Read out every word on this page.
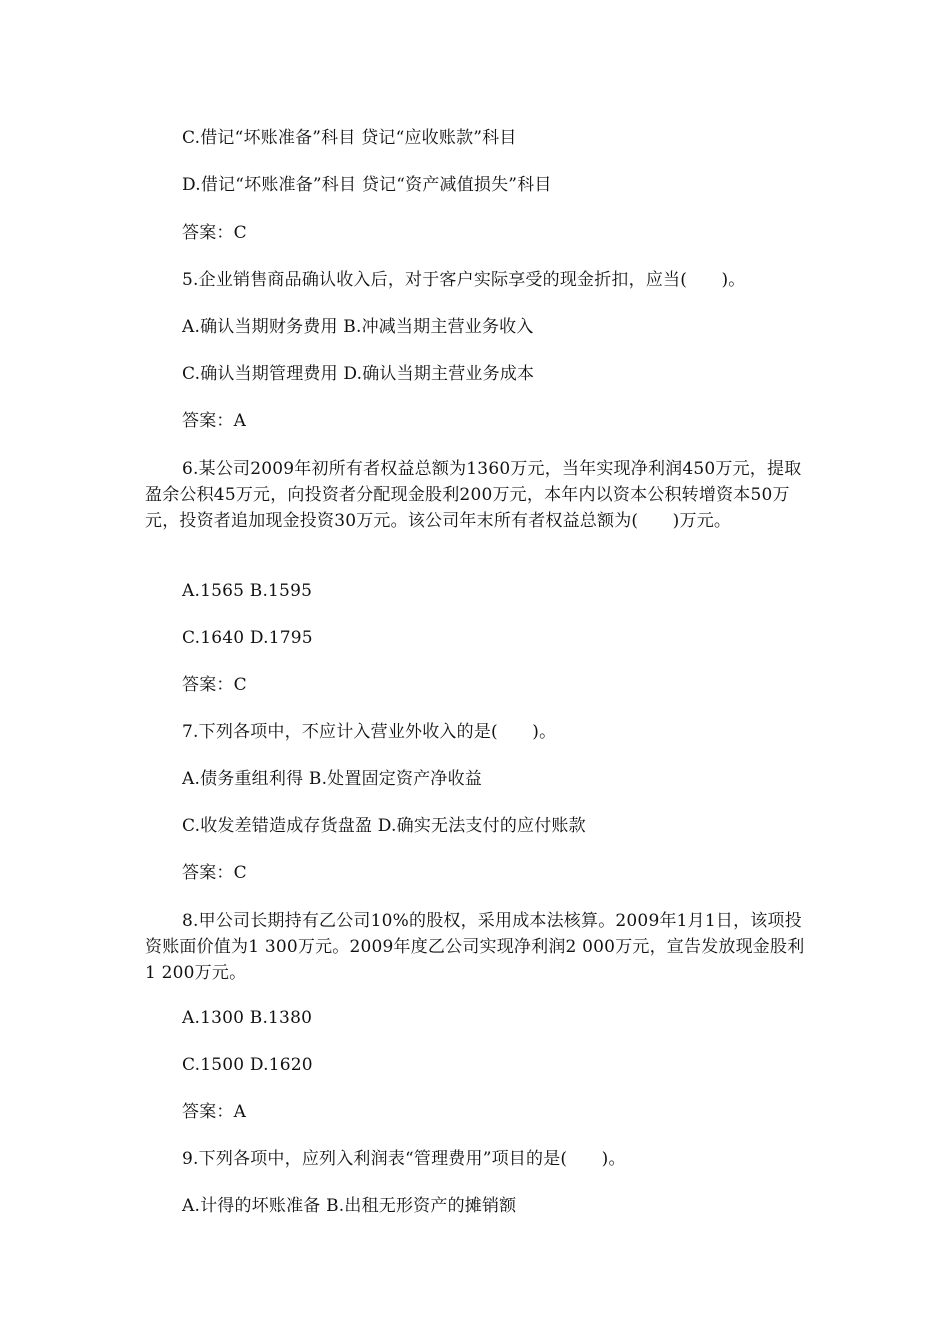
C.借记“坏账准备”科目 贷记“应收账款”科目
D.借记“坏账准备”科目 贷记“资产减值损失”科目
答案：C
5.企业销售商品确认收入后，对于客户实际享受的现金折扣，应当(　　)。
A.确认当期财务费用 B.冲减当期主营业务收入
C.确认当期管理费用 D.确认当期主营业务成本
答案：A
6.某公司2009年初所有者权益总额为1360万元，当年实现净利润450万元，提取盈余公积45万元，向投资者分配现金股利200万元，本年内以资本公积转增资本50万元，投资者追加现金投资30万元。该公司年末所有者权益总额为(　　)万元。
A.1565 B.1595
C.1640 D.1795
答案：C
7.下列各项中，不应计入营业外收入的是(　　)。
A.债务重组利得 B.处置固定资产净收益
C.收发差错造成存货盘盈 D.确实无法支付的应付账款
答案：C
8.甲公司长期持有乙公司10%的股权，采用成本法核算。2009年1月1日，该项投资账面价值为1 300万元。2009年度乙公司实现净利润2 000万元，宣告发放现金股利1 200万元。
A.1300 B.1380
C.1500 D.1620
答案：A
9.下列各项中，应列入利润表“管理费用”项目的是(　　)。
A.计得的坏账准备 B.出租无形资产的摊销额
